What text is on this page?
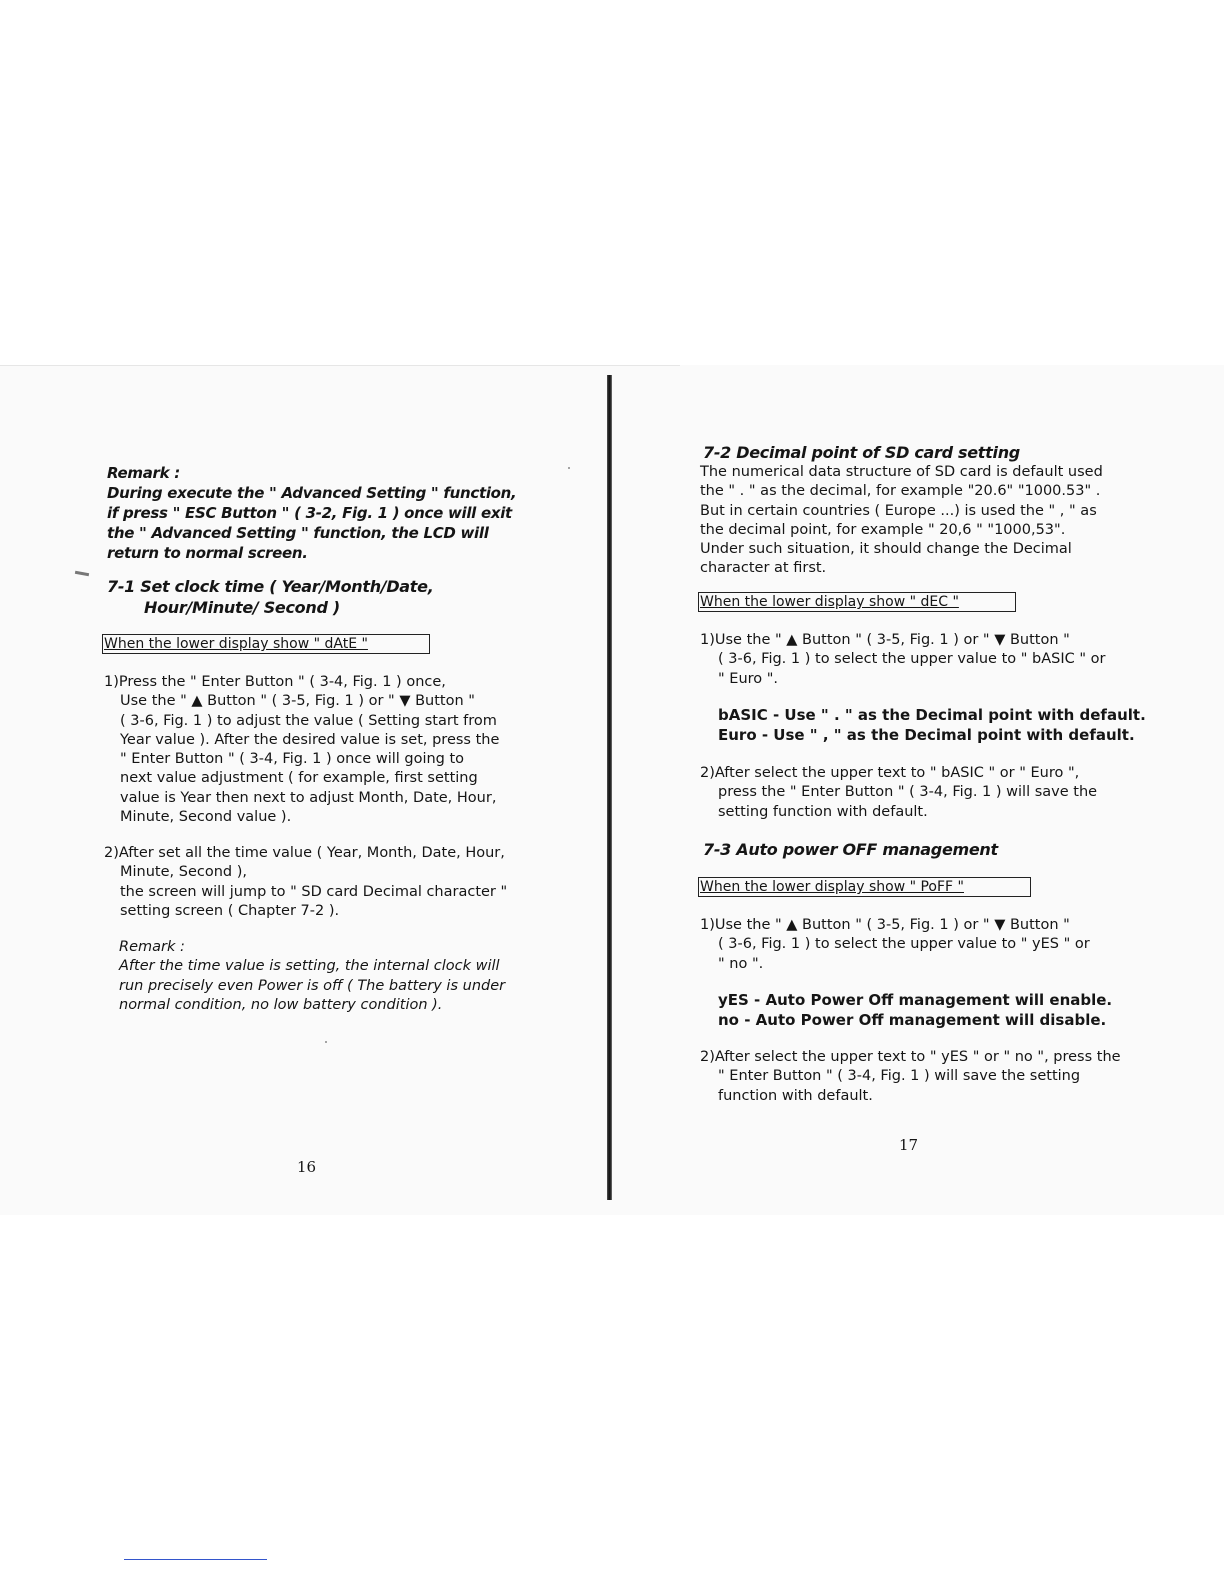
Remark :
During execute the " Advanced Setting " function,
if press " ESC Button " ( 3-2, Fig. 1 ) once will exit
the " Advanced Setting " function, the LCD will
return to normal screen.
7-1 Set clock time ( Year/Month/Date,
Hour/Minute/ Second )
When the lower display show " dAtE "
1)Press the " Enter Button " ( 3-4, Fig. 1 ) once,
Use the " ▲ Button " ( 3-5, Fig. 1 ) or " ▼ Button "
( 3-6, Fig. 1 ) to adjust the value ( Setting start from
Year value ). After the desired value is set, press the
" Enter Button " ( 3-4, Fig. 1 ) once will going to
next value adjustment ( for example, first setting
value is Year then next to adjust Month, Date, Hour,
Minute, Second value ).
2)After set all the time value ( Year, Month, Date, Hour,
Minute, Second ),
the screen will jump to " SD card Decimal character "
setting screen ( Chapter 7-2 ).
Remark :
After the time value is setting, the internal clock will
run precisely even Power is off ( The battery is under
normal condition, no low battery condition ).
16
7-2 Decimal point of SD card setting
The numerical data structure of SD card is default used
the " . " as the decimal, for example "20.6" "1000.53" .
But in certain countries ( Europe ...) is used the " , " as
the decimal point, for example " 20,6 " "1000,53".
Under such situation, it should change the Decimal
character at first.
When the lower display show " dEC "
1)Use the " ▲ Button " ( 3-5, Fig. 1 ) or " ▼ Button "
( 3-6, Fig. 1 ) to select the upper value to " bASIC " or
" Euro ".
bASIC - Use " . " as the Decimal point with default.
Euro - Use " , " as the Decimal point with default.
2)After select the upper text to " bASIC " or " Euro ",
press the " Enter Button " ( 3-4, Fig. 1 ) will save the
setting function with default.
7-3 Auto power OFF management
When the lower display show " PoFF "
1)Use the " ▲ Button " ( 3-5, Fig. 1 ) or " ▼ Button "
( 3-6, Fig. 1 ) to select the upper value to " yES " or
" no ".
yES - Auto Power Off management will enable.
no - Auto Power Off management will disable.
2)After select the upper text to " yES " or " no ", press the
" Enter Button " ( 3-4, Fig. 1 ) will save the setting
function with default.
17
